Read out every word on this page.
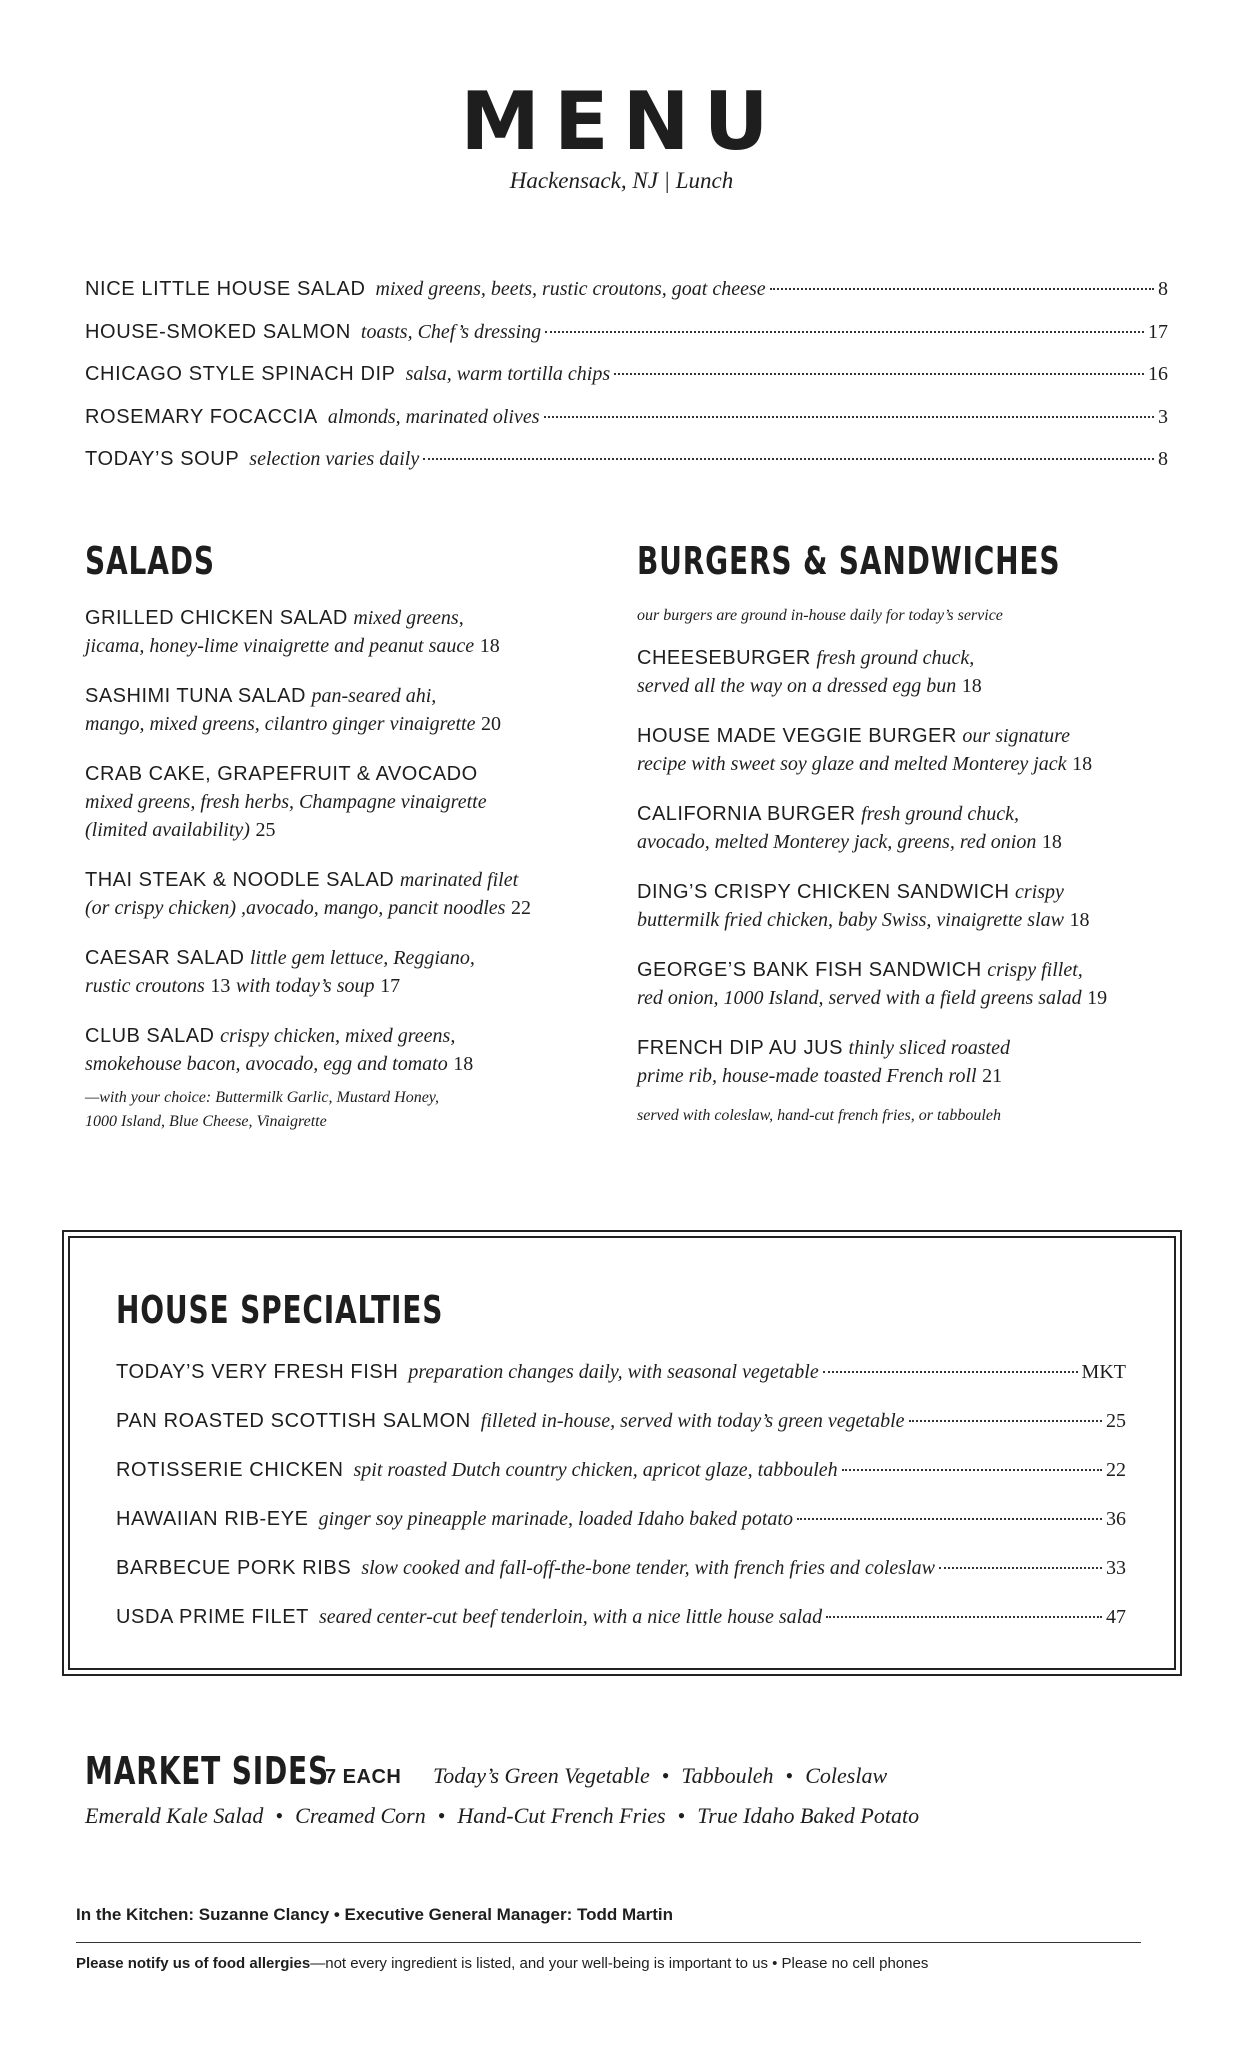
MENU
Hackensack, NJ | Lunch
NICE LITTLE HOUSE SALAD mixed greens, beets, rustic croutons, goat cheese	8
HOUSE-SMOKED SALMON toasts, Chef’s dressing	17
CHICAGO STYLE SPINACH DIP salsa, warm tortilla chips	16
ROSEMARY FOCACCIA almonds, marinated olives	3
TODAY’S SOUP selection varies daily	8
SALADS	BURGERS & SANDWICHES
GRILLED CHICKEN SALAD mixed greens,
jicama, honey-lime vinaigrette and peanut sauce 18
SASHIMI TUNA SALAD pan-seared ahi,
mango, mixed greens, cilantro ginger vinaigrette 20
CRAB CAKE, GRAPEFRUIT & AVOCADO
mixed greens, fresh herbs, Champagne vinaigrette
(limited availability) 25
THAI STEAK & NOODLE SALAD marinated filet
(or crispy chicken) ,avocado, mango, pancit noodles 22
CAESAR SALAD little gem lettuce, Reggiano,
rustic croutons 13 with today’s soup 17
CLUB SALAD crispy chicken, mixed greens,
smokehouse bacon, avocado, egg and tomato 18
—with your choice: Buttermilk Garlic, Mustard Honey,
1000 Island, Blue Cheese, Vinaigrette
our burgers are ground in-house daily for today’s service
CHEESEBURGER fresh ground chuck,
served all the way on a dressed egg bun 18
HOUSE MADE VEGGIE BURGER our signature
recipe with sweet soy glaze and melted Monterey jack 18
CALIFORNIA BURGER fresh ground chuck,
avocado, melted Monterey jack, greens, red onion 18
DING’S CRISPY CHICKEN SANDWICH crispy
buttermilk fried chicken, baby Swiss, vinaigrette slaw 18
GEORGE’S BANK FISH SANDWICH crispy fillet,
red onion, 1000 Island, served with a field greens salad 19
FRENCH DIP AU JUS thinly sliced roasted
prime rib, house-made toasted French roll 21
served with coleslaw, hand-cut french fries, or tabbouleh
HOUSE SPECIALTIES
TODAY’S VERY FRESH FISH preparation changes daily, with seasonal vegetable	MKT
PAN ROASTED SCOTTISH SALMON filleted in-house, served with today’s green vegetable	25
ROTISSERIE CHICKEN spit roasted Dutch country chicken, apricot glaze, tabbouleh	22
HAWAIIAN RIB-EYE ginger soy pineapple marinade, loaded Idaho baked potato	36
BARBECUE PORK RIBS slow cooked and fall-off-the-bone tender, with french fries and coleslaw	33
USDA PRIME FILET seared center-cut beef tenderloin, with a nice little house salad	47
MARKET SIDES
7 EACH Today’s Green Vegetable • Tabbouleh • Coleslaw
Emerald Kale Salad • Creamed Corn • Hand-Cut French Fries • True Idaho Baked Potato
In the Kitchen: Suzanne Clancy • Executive General Manager: Todd Martin
Please notify us of food allergies—not every ingredient is listed, and your well-being is important to us • Please no cell phones
